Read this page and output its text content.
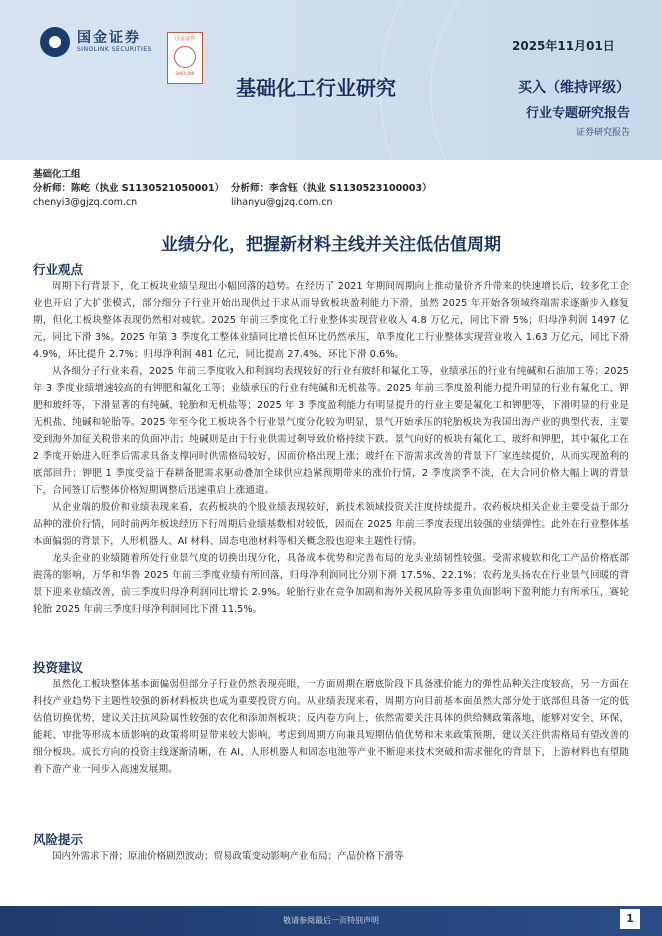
国金证券
SINOLINK SECURITIES
国金证券
SINOLINK
2025年11月01日
基础化工行业研究	买入（维持评级）
行业专题研究报告
证券研究报告
基础化工组
分析师：陈屹（执业 S1130521050001）
chenyi3@gjzq.com.cn
分析师：李含钰（执业 S1130523100003）
lihanyu@gjzq.com.cn
业绩分化，把握新材料主线并关注低估值周期
行业观点

周期下行背景下，化工板块业绩呈现出小幅回落的趋势。在经历了 2021 年期间周期向上推动量价齐升带来的快速增长后，较多化工企业也开启了大扩张模式，部分细分子行业开始出现供过于求从而导致板块盈利能力下滑，虽然 2025 年开始各领域终端需求逐渐步入修复期，但化工板块整体表现仍然相对疲软。2025 年前三季度化工行业整体实现营业收入 4.8 万亿元，同比下滑 5%；归母净利润 1497 亿元，同比下滑 3%。2025 年第 3 季度化工整体业绩同比增长但环比仍然承压，单季度化工行业整体实现营业收入 1.63 万亿元，同比下滑 4.9%，环比提升 2.7%；归母净利润 481 亿元，同比提高 27.4%，环比下滑 0.6%。

从各细分子行业来看，2025 年前三季度收入和利润均表现较好的行业有玻纤和氟化工等，业绩承压的行业有纯碱和石油加工等；2025 年 3 季度业绩增速较高的有钾肥和氟化工等；业绩承压的行业有纯碱和无机盐等。2025 年前三季度盈利能力提升明显的行业有氟化工、钾肥和玻纤等，下滑显著的有纯碱、轮胎和无机盐等；2025 年 3 季度盈利能力有明显提升的行业主要是氟化工和钾肥等，下滑明显的行业是无机盐、纯碱和轮胎等。2025 年至今化工板块各个行业景气度分化较为明显，景气开始承压的轮胎板块为我国出海产业的典型代表，主要受到海外加征关税带来的负面冲击；纯碱则是由于行业供需过剩导致价格持续下跌。景气向好的板块有氟化工、玻纤和钾肥，其中氟化工在 2 季度开始进入旺季后需求具备支撑同时供需格局较好，因而价格出现上涨；玻纤在下游需求改善的背景下厂家连续提价，从而实现盈利的底部回升；钾肥 1 季度受益于春耕备肥需求驱动叠加全球供应趋紧预期带来的涨价行情，2 季度淡季不淡，在大合同价格大幅上调的背景下，合同签订后整体价格短期调整后迅速重启上涨通道。

从企业端的股价和业绩表现来看，农药板块的个股业绩表现较好，新技术领域投资关注度持续提升。农药板块相关企业主要受益于部分品种的涨价行情，同时前两年板块经历下行周期后业绩基数相对较低，因而在 2025 年前三季度表现出较强的业绩弹性。此外在行业整体基本面偏弱的背景下，人形机器人、AI 材料、固态电池材料等相关概念股也迎来主题性行情。

龙头企业的业绩随着所处行业景气度的切换出现分化，具备成本优势和完善布局的龙头业绩韧性较强。受需求疲软和化工产品价格底部震荡的影响，万华和华鲁 2025 年前三季度业绩有所回落，归母净利润同比分别下滑 17.5%、22.1%；农药龙头扬农在行业景气回暖的背景下迎来业绩改善，前三季度归母净利润同比增长 2.9%。轮胎行业在竞争加剧和海外关税风险等多重负面影响下盈利能力有所承压，赛轮轮胎 2025 年前三季度归母净利润同比下滑 11.5%。

投资建议

虽然化工板块整体基本面偏弱但部分子行业仍然表现亮眼，一方面周期在磨底阶段下具备涨价能力的弹性品种关注度较高，另一方面在科技产业趋势下主题性较强的新材料板块也成为重要投资方向。从业绩表现来看，周期方向目前基本面虽然大部分处于底部但具备一定的低估值切换优势，建议关注抗风险属性较强的农化和添加剂板块；反内卷方向上，依然需要关注具体的供给侧政策落地，能够对安全、环保、能耗、审批等形成本质影响的政策将明显带来较大影响，考虑到周期方向兼具短期估值优势和未来政策预期，建议关注供需格局有望改善的细分板块。成长方向的投资主线逐渐清晰，在 AI、人形机器人和固态电池等产业不断迎来技术突破和需求催化的背景下，上游材料也有望随着下游产业一同步入高速发展期。

风险提示

国内外需求下滑；原油价格剧烈波动；贸易政策变动影响产业布局；产品价格下滑等

敬请参阅最后一页特别声明	1
